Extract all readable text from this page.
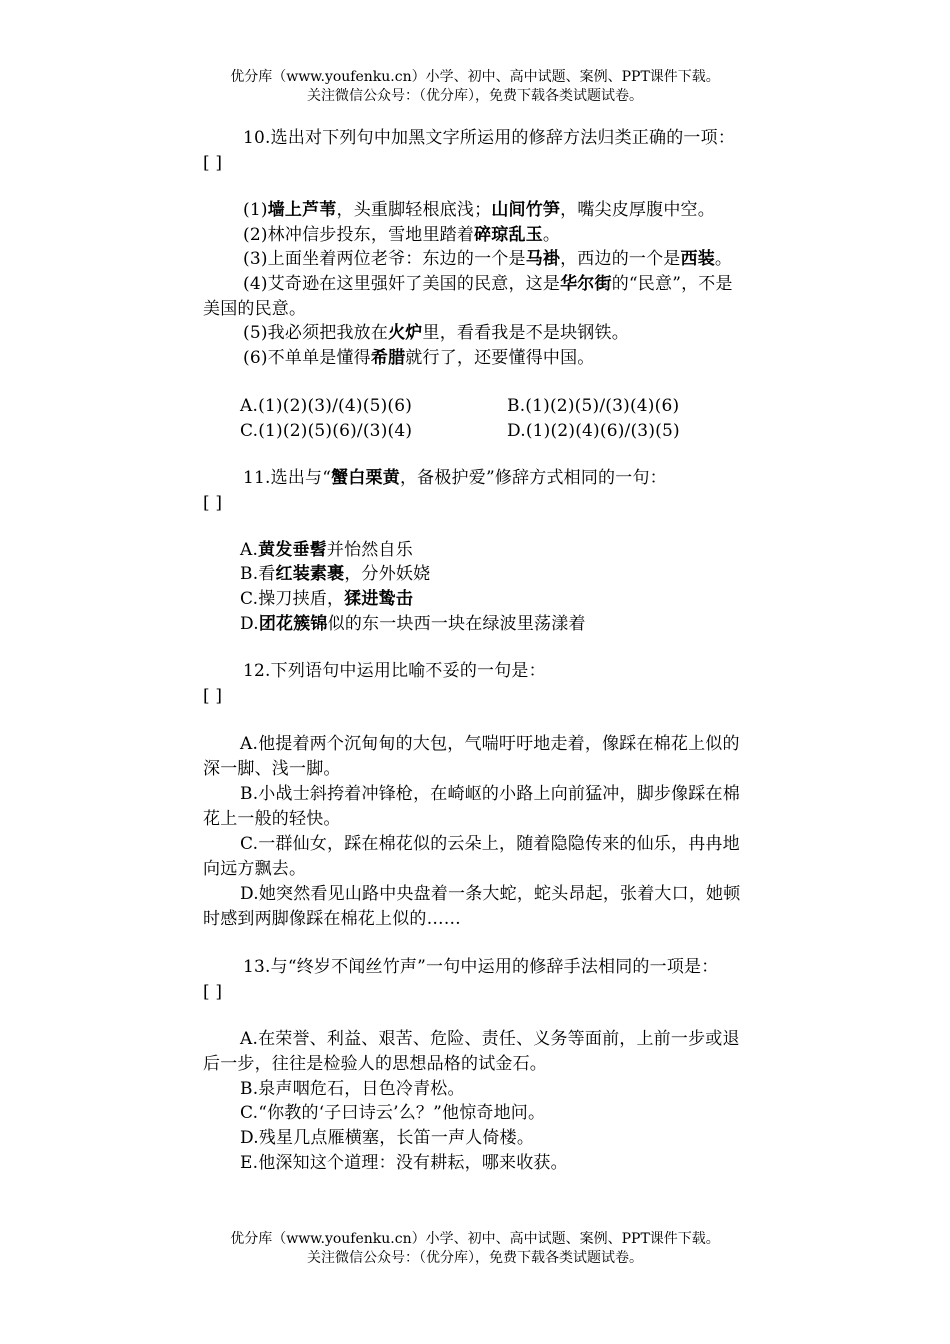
优分库（www.youfenku.cn）小学、初中、高中试题、案例、PPT课件下载。
关注微信公众号：（优分库），免费下载各类试题试卷。
10.选出对下列句中加黑文字所运用的修辞方法归类正确的一项：
[ ]
(1)墙上芦苇，头重脚轻根底浅；山间竹笋，嘴尖皮厚腹中空。
(2)林冲信步投东，雪地里踏着碎琼乱玉。
(3)上面坐着两位老爷：东边的一个是马褂，西边的一个是西装。
(4)艾奇逊在这里强奸了美国的民意，这是华尔街的“民意”，不是
美国的民意。
(5)我必须把我放在火炉里，看看我是不是块钢铁。
(6)不单单是懂得希腊就行了，还要懂得中国。
A.(1)(2)(3)/(4)(5)(6)	B.(1)(2)(5)/(3)(4)(6)
C.(1)(2)(5)(6)/(3)(4)	D.(1)(2)(4)(6)/(3)(5)
11.选出与“蟹白栗黄，备极护爱”修辞方式相同的一句：
[ ]
A.黄发垂髫并怡然自乐
B.看红装素裹，分外妖娆
C.操刀挟盾，猱进鸷击
D.团花簇锦似的东一块西一块在绿波里荡漾着
12.下列语句中运用比喻不妥的一句是：
[ ]
A.他提着两个沉甸甸的大包，气喘吁吁地走着，像踩在棉花上似的
深一脚、浅一脚。
B.小战士斜挎着冲锋枪，在崎岖的小路上向前猛冲，脚步像踩在棉
花上一般的轻快。
C.一群仙女，踩在棉花似的云朵上，随着隐隐传来的仙乐，冉冉地
向远方飘去。
D.她突然看见山路中央盘着一条大蛇，蛇头昂起，张着大口，她顿
时感到两脚像踩在棉花上似的……
13.与“终岁不闻丝竹声”一句中运用的修辞手法相同的一项是：
[ ]
A.在荣誉、利益、艰苦、危险、责任、义务等面前，上前一步或退
后一步，往往是检验人的思想品格的试金石。
B.泉声咽危石，日色冷青松。
C.“你教的‘子曰诗云’么？”他惊奇地问。
D.残星几点雁横塞，长笛一声人倚楼。
E.他深知这个道理：没有耕耘，哪来收获。
优分库（www.youfenku.cn）小学、初中、高中试题、案例、PPT课件下载。
关注微信公众号：（优分库），免费下载各类试题试卷。
